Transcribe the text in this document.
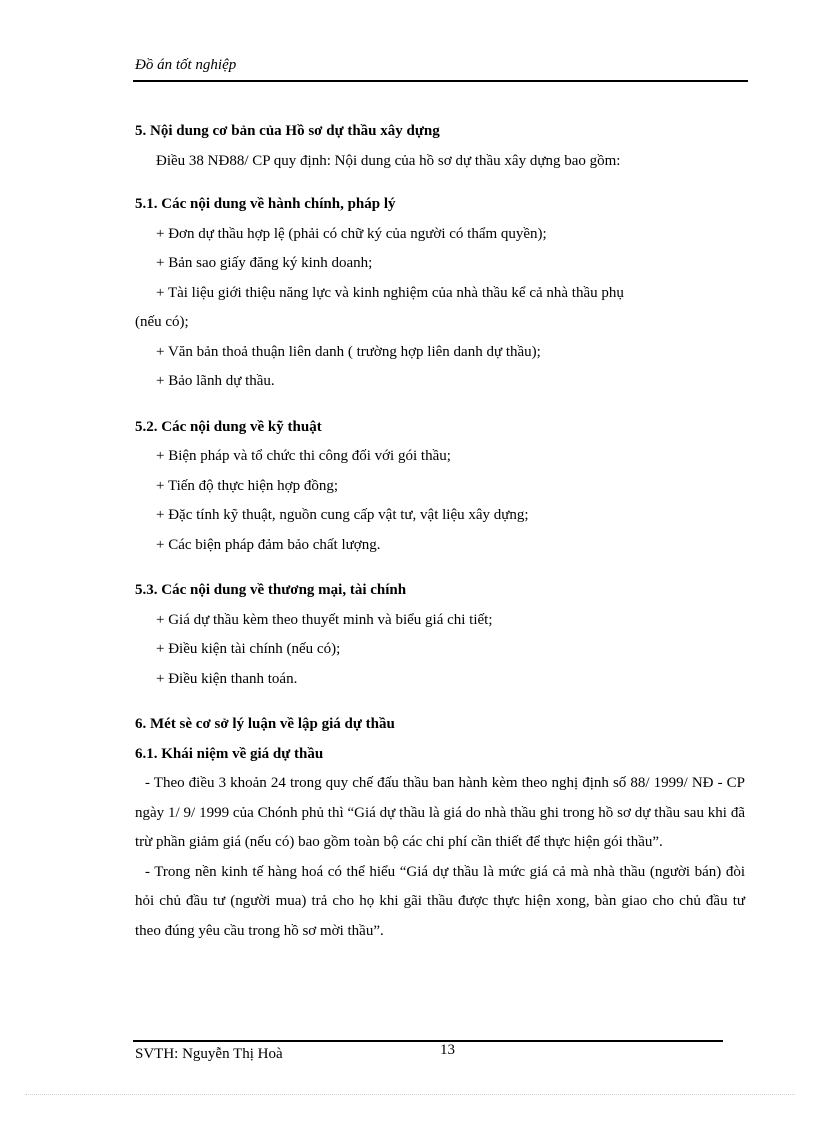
Đồ án tốt nghiệp
5. Nội dung cơ bản của Hồ sơ dự thầu xây dựng
Điều 38 NĐ88/ CP quy định: Nội dung của hồ sơ dự thầu xây dựng bao gồm:
5.1. Các nội dung về hành chính, pháp lý
+ Đơn dự thầu hợp lệ (phải có chữ ký của người có thẩm quyền);
+ Bản sao giấy đăng ký kinh doanh;
+ Tài liệu giới thiệu năng lực và kinh nghiệm của nhà thầu kể cả nhà thầu phụ
(nếu có);
+ Văn bản thoả thuận liên danh ( trường hợp liên danh dự thầu);
+ Bảo lãnh dự thầu.
5.2. Các nội dung về kỹ thuật
+ Biện pháp và tổ chức thi công đối với gói thầu;
+ Tiến độ thực hiện hợp đồng;
+ Đặc tính kỹ thuật, nguồn cung cấp vật tư, vật liệu xây dựng;
+ Các biện pháp đảm bảo chất lượng.
5.3. Các nội dung về thương mại, tài chính
+ Giá dự thầu kèm theo thuyết minh và biểu giá chi tiết;
+ Điều kiện tài chính (nếu có);
+ Điều kiện thanh toán.
6. Mét sè cơ sở lý luận về lập giá dự thầu
6.1. Khái niệm về giá dự thầu
- Theo điều 3 khoản 24 trong quy chế đấu thầu ban hành kèm theo nghị định số 88/ 1999/ NĐ - CP ngày 1/ 9/ 1999 của Chónh phủ thì “Giá dự thầu là giá do nhà thầu ghi trong hồ sơ dự thầu sau khi đã trừ phần giảm giá (nếu có) bao gồm toàn bộ các chi phí cần thiết để thực hiện gói thầu”.
- Trong nền kinh tế hàng hoá có thể hiểu “Giá dự thầu là mức giá cả mà nhà thầu (người bán) đòi hỏi chủ đầu tư (người mua) trả cho họ khi gãi thầu được thực hiện xong, bàn giao cho chủ đầu tư theo đúng yêu cầu trong hồ sơ mời thầu”.
SVTH: Nguyễn Thị Hoà	13
